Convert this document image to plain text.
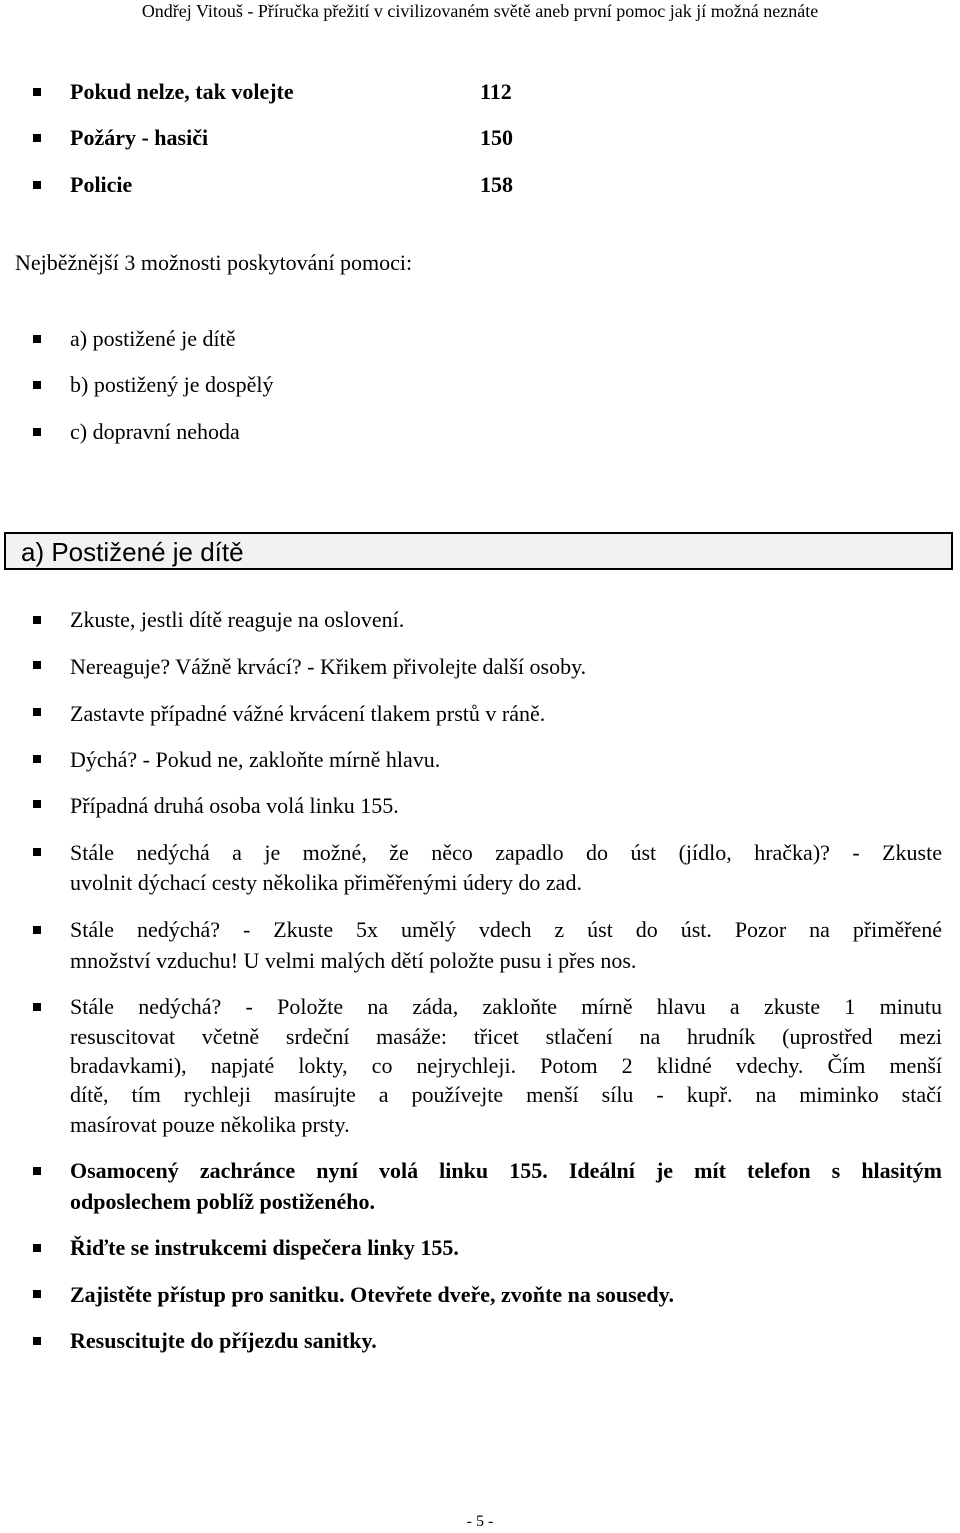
Ondřej Vitouš - Příručka přežití v civilizovaném světě aneb první pomoc jak jí možná neznáte
Pokud nelze, tak volejte	112
Požáry - hasiči	150
Policie	158
Nejběžnější 3 možnosti poskytování pomoci:
a) postižené je dítě
b) postižený je dospělý
c) dopravní nehoda
a) Postižené je dítě
Zkuste, jestli dítě reaguje na oslovení.
Nereaguje? Vážně krvácí? - Křikem přivolejte další osoby.
Zastavte případné vážné krvácení tlakem prstů v ráně.
Dýchá? - Pokud ne, zakloňte mírně hlavu.
Případná druhá osoba volá linku 155.
Stále nedýchá a je možné, že něco zapadlo do úst (jídlo, hračka)? - Zkuste
uvolnit dýchací cesty několika přiměřenými údery do zad.
Stále nedýchá? - Zkuste 5x umělý vdech z úst do úst. Pozor na přiměřené
množství vzduchu! U velmi malých dětí položte pusu i přes nos.
Stále nedýchá? - Položte na záda, zakloňte mírně hlavu a zkuste 1 minutu
resuscitovat včetně srdeční masáže: třicet stlačení na hrudník (uprostřed mezi
bradavkami), napjaté lokty, co nejrychleji. Potom 2 klidné vdechy. Čím menší
dítě, tím rychleji masírujte a používejte menší sílu - kupř. na miminko stačí
masírovat pouze několika prsty.
Osamocený zachránce nyní volá linku 155. Ideální je mít telefon s hlasitým
odposlechem poblíž postiženého.
Řiďte se instrukcemi dispečera linky 155.
Zajistěte přístup pro sanitku. Otevřete dveře, zvoňte na sousedy.
Resuscitujte do příjezdu sanitky.
- 5 -
